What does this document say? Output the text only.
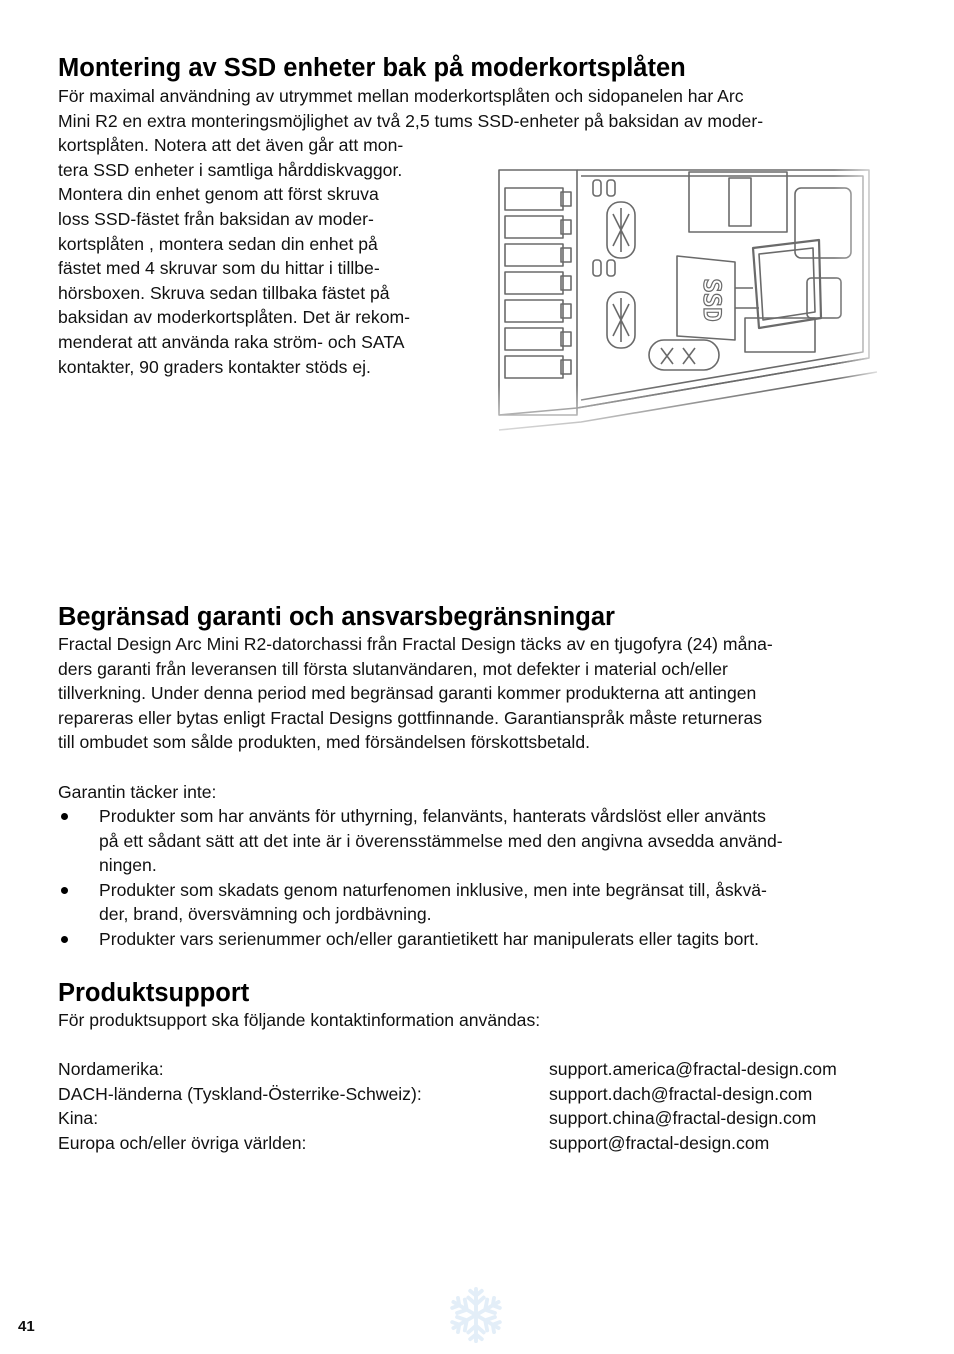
Montering av SSD enheter bak på moderkortsplåten
För maximal användning av utrymmet mellan moderkortsplåten och sidopanelen har Arc
Mini R2 en extra monteringsmöjlighet av två 2,5 tums SSD-enheter på baksidan av moder-
kortsplåten. Notera att det även går att mon-
tera SSD enheter i samtliga hårddiskvaggor.
Montera din enhet genom att först skruva
loss SSD-fästet från baksidan av moder-
kortsplåten , montera sedan din enhet på
fästet med 4 skruvar som du hittar i tillbe-
hörsboxen. Skruva sedan tillbaka fästet på
baksidan av moderkortsplåten. Det är rekom-
menderat att använda raka ström- och SATA
kontakter, 90 graders kontakter stöds ej.
Begränsad garanti och ansvarsbegränsningar
Fractal Design Arc Mini R2-datorchassi från Fractal Design täcks av en tjugofyra (24) måna-
ders garanti från leveransen till första slutanvändaren, mot defekter i material och/eller
tillverkning. Under denna period med begränsad garanti kommer produkterna att antingen
repareras eller bytas enligt Fractal Designs gottfinnande. Garantianspråk måste returneras
till ombudet som sålde produkten, med försändelsen förskottsbetald.
Garantin täcker inte:
Produkter som har använts för uthyrning, felanvänts, hanterats vårdslöst eller använts
på ett sådant sätt att det inte är i överensstämmelse med den angivna avsedda använd-
ningen.
Produkter som skadats genom naturfenomen inklusive, men inte begränsat till, åskvä-
der, brand, översvämning och jordbävning.
Produkter vars serienummer och/eller garantietikett har manipulerats eller tagits bort.
Produktsupport
För produktsupport ska följande kontaktinformation användas:
Nordamerika:	support.america@fractal-design.com
DACH-länderna (Tyskland-Österrike-Schweiz):	support.dach@fractal-design.com
Kina:	support.china@fractal-design.com
Europa och/eller övriga världen:	support@fractal-design.com
41
